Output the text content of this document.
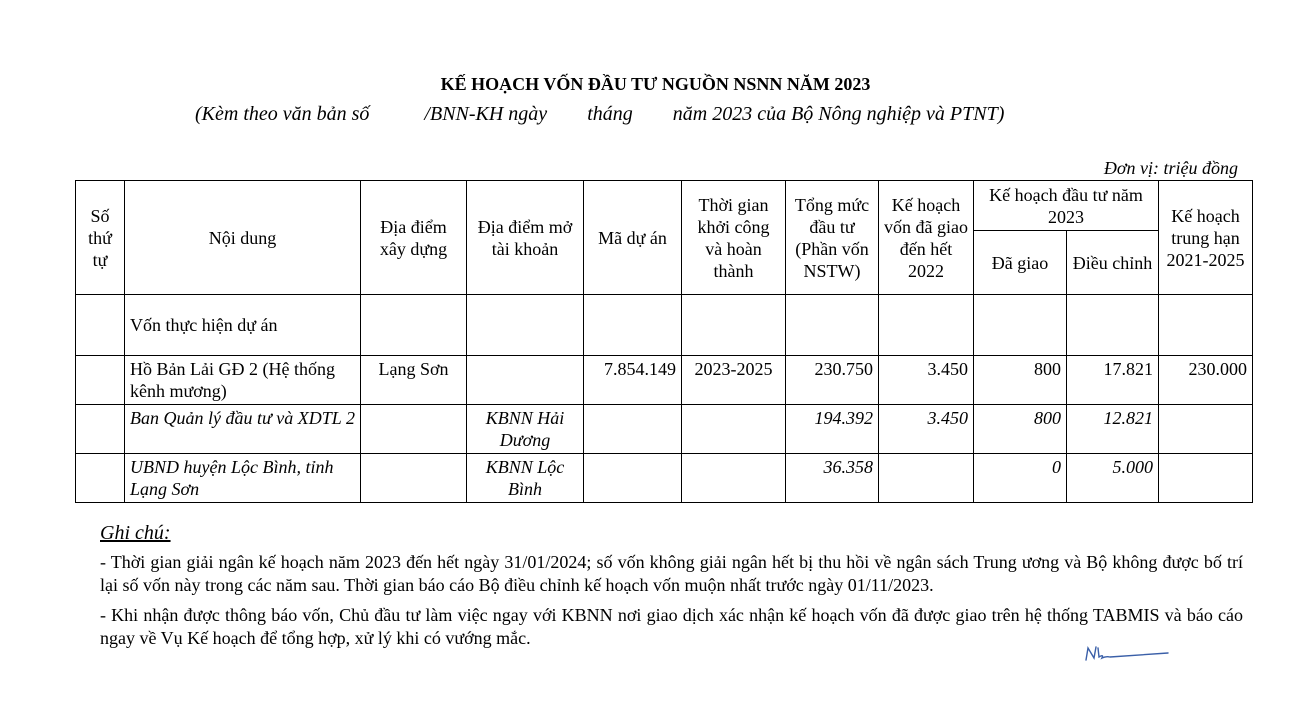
KẾ HOẠCH VỐN ĐẦU TƯ NGUỒN NSNN NĂM 2023
(Kèm theo văn bản số           /BNN-KH ngày        tháng        năm 2023 của Bộ Nông nghiệp và PTNT)
Đơn vị: triệu đồng
Số thứ tự	Nội dung	Địa điểm xây dựng	Địa điểm mở tài khoản	Mã dự án	Thời gian khởi công và hoàn thành	Tổng mức đầu tư (Phần vốn NSTW)	Kế hoạch vốn đã giao đến hết 2022	Kế hoạch đầu tư năm 2023		Kế hoạch trung hạn 2021-2025
								Đã giao	Điều chỉnh	
	Vốn thực hiện dự án									
	Hồ Bản Lải GĐ 2 (Hệ thống kênh mương)	Lạng Sơn		7.854.149	2023-2025	230.750	3.450	800	17.821	230.000
	Ban Quản lý đầu tư và XDTL 2		KBNN Hải Dương			194.392	3.450	800	12.821	
	UBND huyện Lộc Bình, tỉnh Lạng Sơn		KBNN Lộc Bình			36.358		0	5.000	
Ghi chú:
- Thời gian giải ngân kế hoạch năm 2023 đến hết ngày 31/01/2024; số vốn không giải ngân hết bị thu hồi về ngân sách Trung ương và Bộ không được bố trí lại số vốn này trong các năm sau. Thời gian báo cáo Bộ điều chỉnh kế hoạch vốn muộn nhất trước ngày 01/11/2023.
- Khi nhận được thông báo vốn, Chủ đầu tư làm việc ngay với KBNN nơi giao dịch xác nhận kế hoạch vốn đã được giao trên hệ thống TABMIS và báo cáo ngay về Vụ Kế hoạch để tổng hợp, xử lý khi có vướng mắc.
